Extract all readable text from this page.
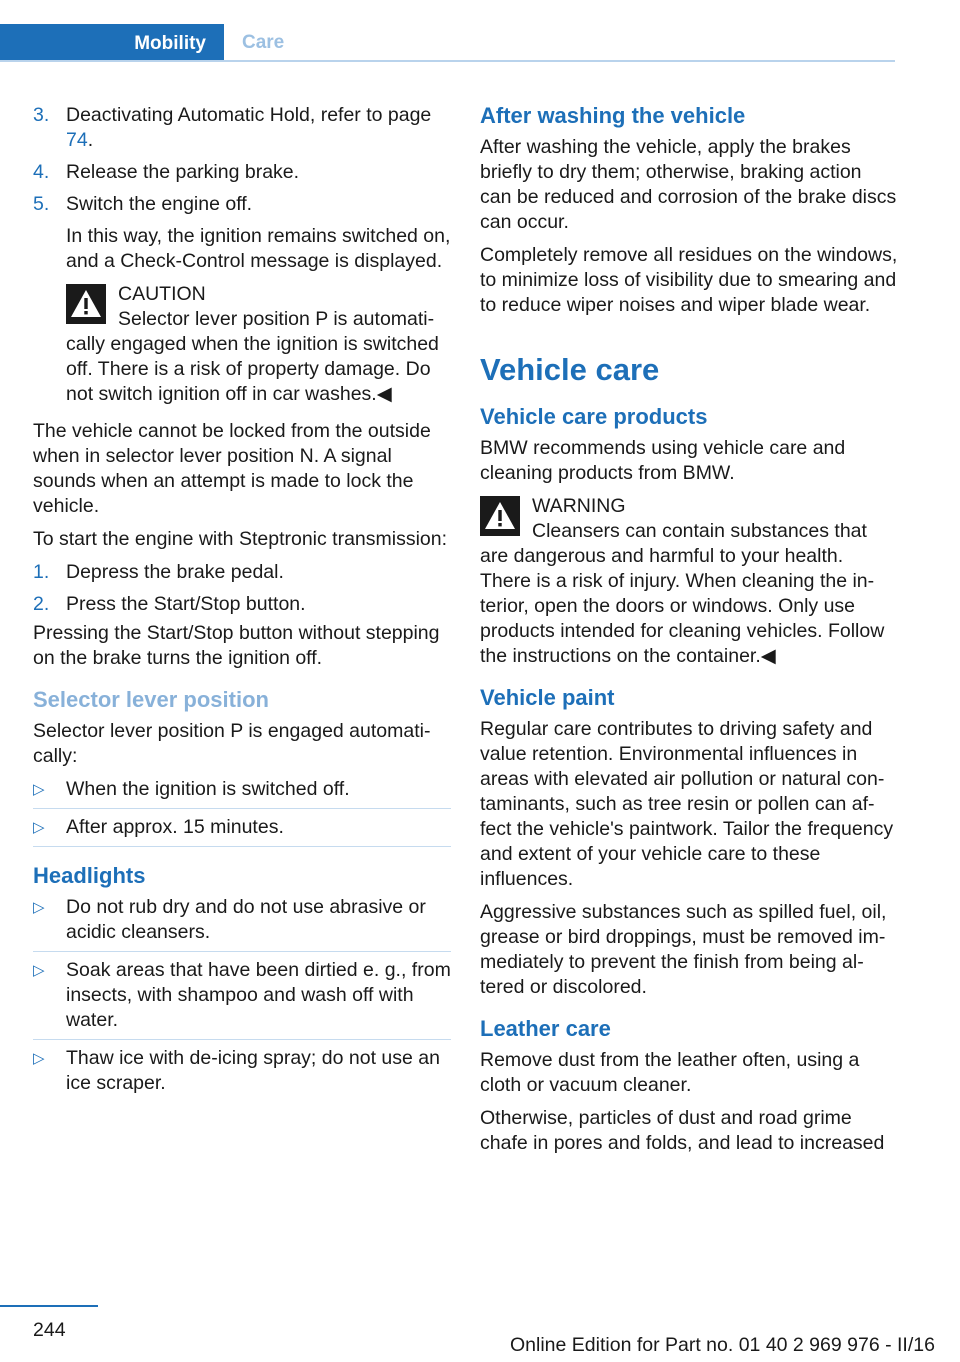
Mobility Care
3. Deactivating Automatic Hold, refer to page 74.
4. Release the parking brake.
5. Switch the engine off.

In this way, the ignition remains switched on, and a Check-Control message is displayed.

CAUTION
Selector lever position P is automatically engaged when the ignition is switched off. There is a risk of property damage. Do not switch ignition off in car washes.◀

The vehicle cannot be locked from the outside when in selector lever position N. A signal sounds when an attempt is made to lock the vehicle.

To start the engine with Steptronic transmission:

1. Depress the brake pedal.
2. Press the Start/Stop button.

Pressing the Start/Stop button without stepping on the brake turns the ignition off.

Selector lever position

Selector lever position P is engaged automatically:

▷ When the ignition is switched off.
▷ After approx. 15 minutes.
Headlights
▷ Do not rub dry and do not use abrasive or acidic cleansers.
▷ Soak areas that have been dirtied e. g., from insects, with shampoo and wash off with water.
▷ Thaw ice with de-icing spray; do not use an ice scraper.
After washing the vehicle

After washing the vehicle, apply the brakes briefly to dry them; otherwise, braking action can be reduced and corrosion of the brake discs can occur.

Completely remove all residues on the windows, to minimize loss of visibility due to smearing and to reduce wiper noises and wiper blade wear.

Vehicle care
Vehicle care products

BMW recommends using vehicle care and cleaning products from BMW.

WARNING
Cleansers can contain substances that are dangerous and harmful to your health. There is a risk of injury. When cleaning the interior, open the doors or windows. Only use products intended for cleaning vehicles. Follow the instructions on the container.◀
Vehicle paint

Regular care contributes to driving safety and value retention. Environmental influences in areas with elevated air pollution or natural contaminants, such as tree resin or pollen can affect the vehicle's paintwork. Tailor the frequency and extent of your vehicle care to these influences.

Aggressive substances such as spilled fuel, oil, grease or bird droppings, must be removed immediately to prevent the finish from being altered or discolored.

Leather care

Remove dust from the leather often, using a cloth or vacuum cleaner.

Otherwise, particles of dust and road grime chafe in pores and folds, and lead to increased

244
Online Edition for Part no. 01 40 2 969 976 - II/16
